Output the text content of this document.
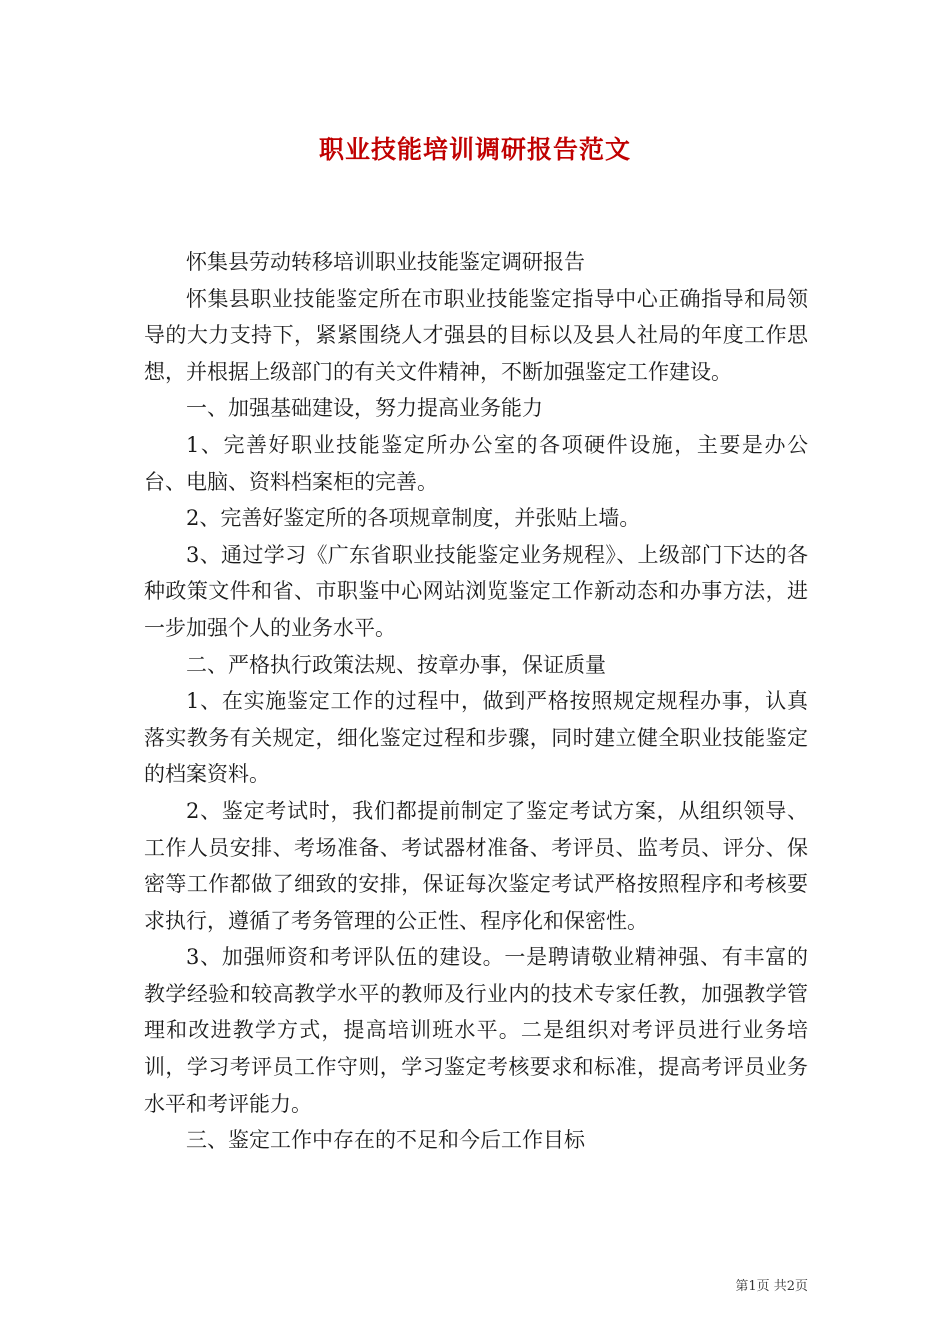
职业技能培训调研报告范文

怀集县劳动转移培训职业技能鉴定调研报告

怀集县职业技能鉴定所在市职业技能鉴定指导中心正确指导和局领导的大力支持下，紧紧围绕人才强县的目标以及县人社局的年度工作思想，并根据上级部门的有关文件精神，不断加强鉴定工作建设。

一、加强基础建设，努力提高业务能力

1、完善好职业技能鉴定所办公室的各项硬件设施，主要是办公台、电脑、资料档案柜的完善。

2、完善好鉴定所的各项规章制度，并张贴上墙。

3、通过学习《广东省职业技能鉴定业务规程》、上级部门下达的各种政策文件和省、市职鉴中心网站浏览鉴定工作新动态和办事方法，进一步加强个人的业务水平。

二、严格执行政策法规、按章办事，保证质量

1、在实施鉴定工作的过程中，做到严格按照规定规程办事，认真落实教务有关规定，细化鉴定过程和步骤，同时建立健全职业技能鉴定的档案资料。

2、鉴定考试时，我们都提前制定了鉴定考试方案，从组织领导、工作人员安排、考场准备、考试器材准备、考评员、监考员、评分、保密等工作都做了细致的安排，保证每次鉴定考试严格按照程序和考核要求执行，遵循了考务管理的公正性、程序化和保密性。

3、加强师资和考评队伍的建设。一是聘请敬业精神强、有丰富的教学经验和较高教学水平的教师及行业内的技术专家任教，加强教学管理和改进教学方式，提高培训班水平。二是组织对考评员进行业务培训，学习考评员工作守则，学习鉴定考核要求和标准，提高考评员业务水平和考评能力。

三、鉴定工作中存在的不足和今后工作目标

第1页 共2页
